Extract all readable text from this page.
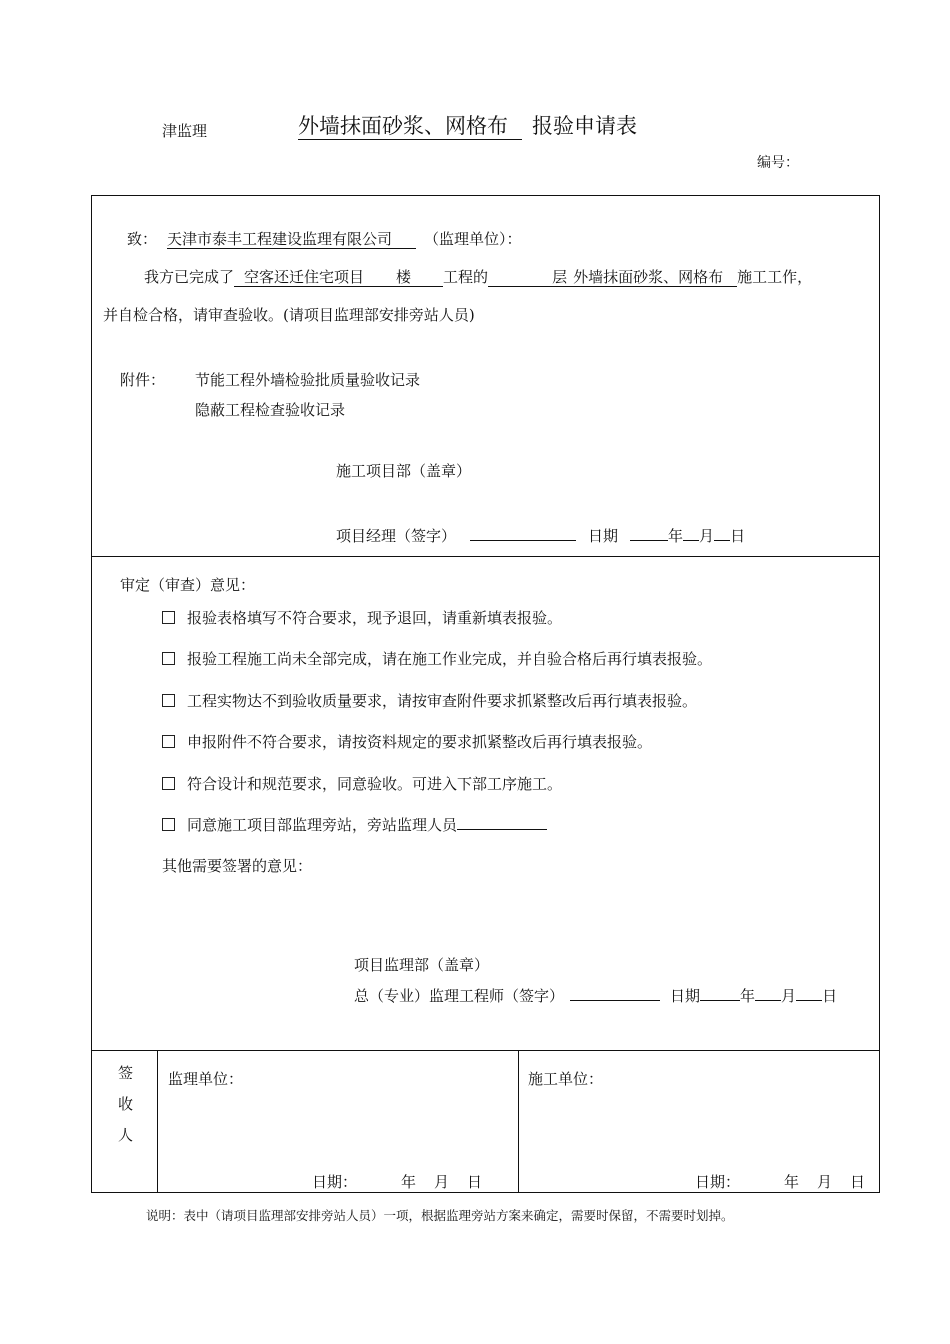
津监理	外墙抹面砂浆、网格布 报验申请表
编号：
致： 天津市泰丰工程建设监理有限公司 （监理单位）：
我方已完成了 空客还迁住宅项目 楼 工程的	层 外墙抹面砂浆、网格布 施工工作，
并自检合格，请审查验收。(请项目监理部安排旁站人员)
附件： 节能工程外墙检验批质量验收记录
隐蔽工程检查验收记录
施工项目部（盖章）
项目经理（签字）	日期	年 月 日
审定（审查）意见：
报验表格填写不符合要求，现予退回，请重新填表报验。
报验工程施工尚未全部完成，请在施工作业完成，并自验合格后再行填表报验。
工程实物达不到验收质量要求，请按审查附件要求抓紧整改后再行填表报验。
申报附件不符合要求，请按资料规定的要求抓紧整改后再行填表报验。
符合设计和规范要求，同意验收。可进入下部工序施工。
同意施工项目部监理旁站，旁站监理人员
其他需要签署的意见：
项目监理部（盖章）
总（专业）监理工程师（签字）	日期	年 月 日
签
收
人
监理单位：	施工单位：
日期：	年 月 日	日期：	年 月 日
说明：表中（请项目监理部安排旁站人员）一项，根据监理旁站方案来确定，需要时保留，不需要时划掉。
